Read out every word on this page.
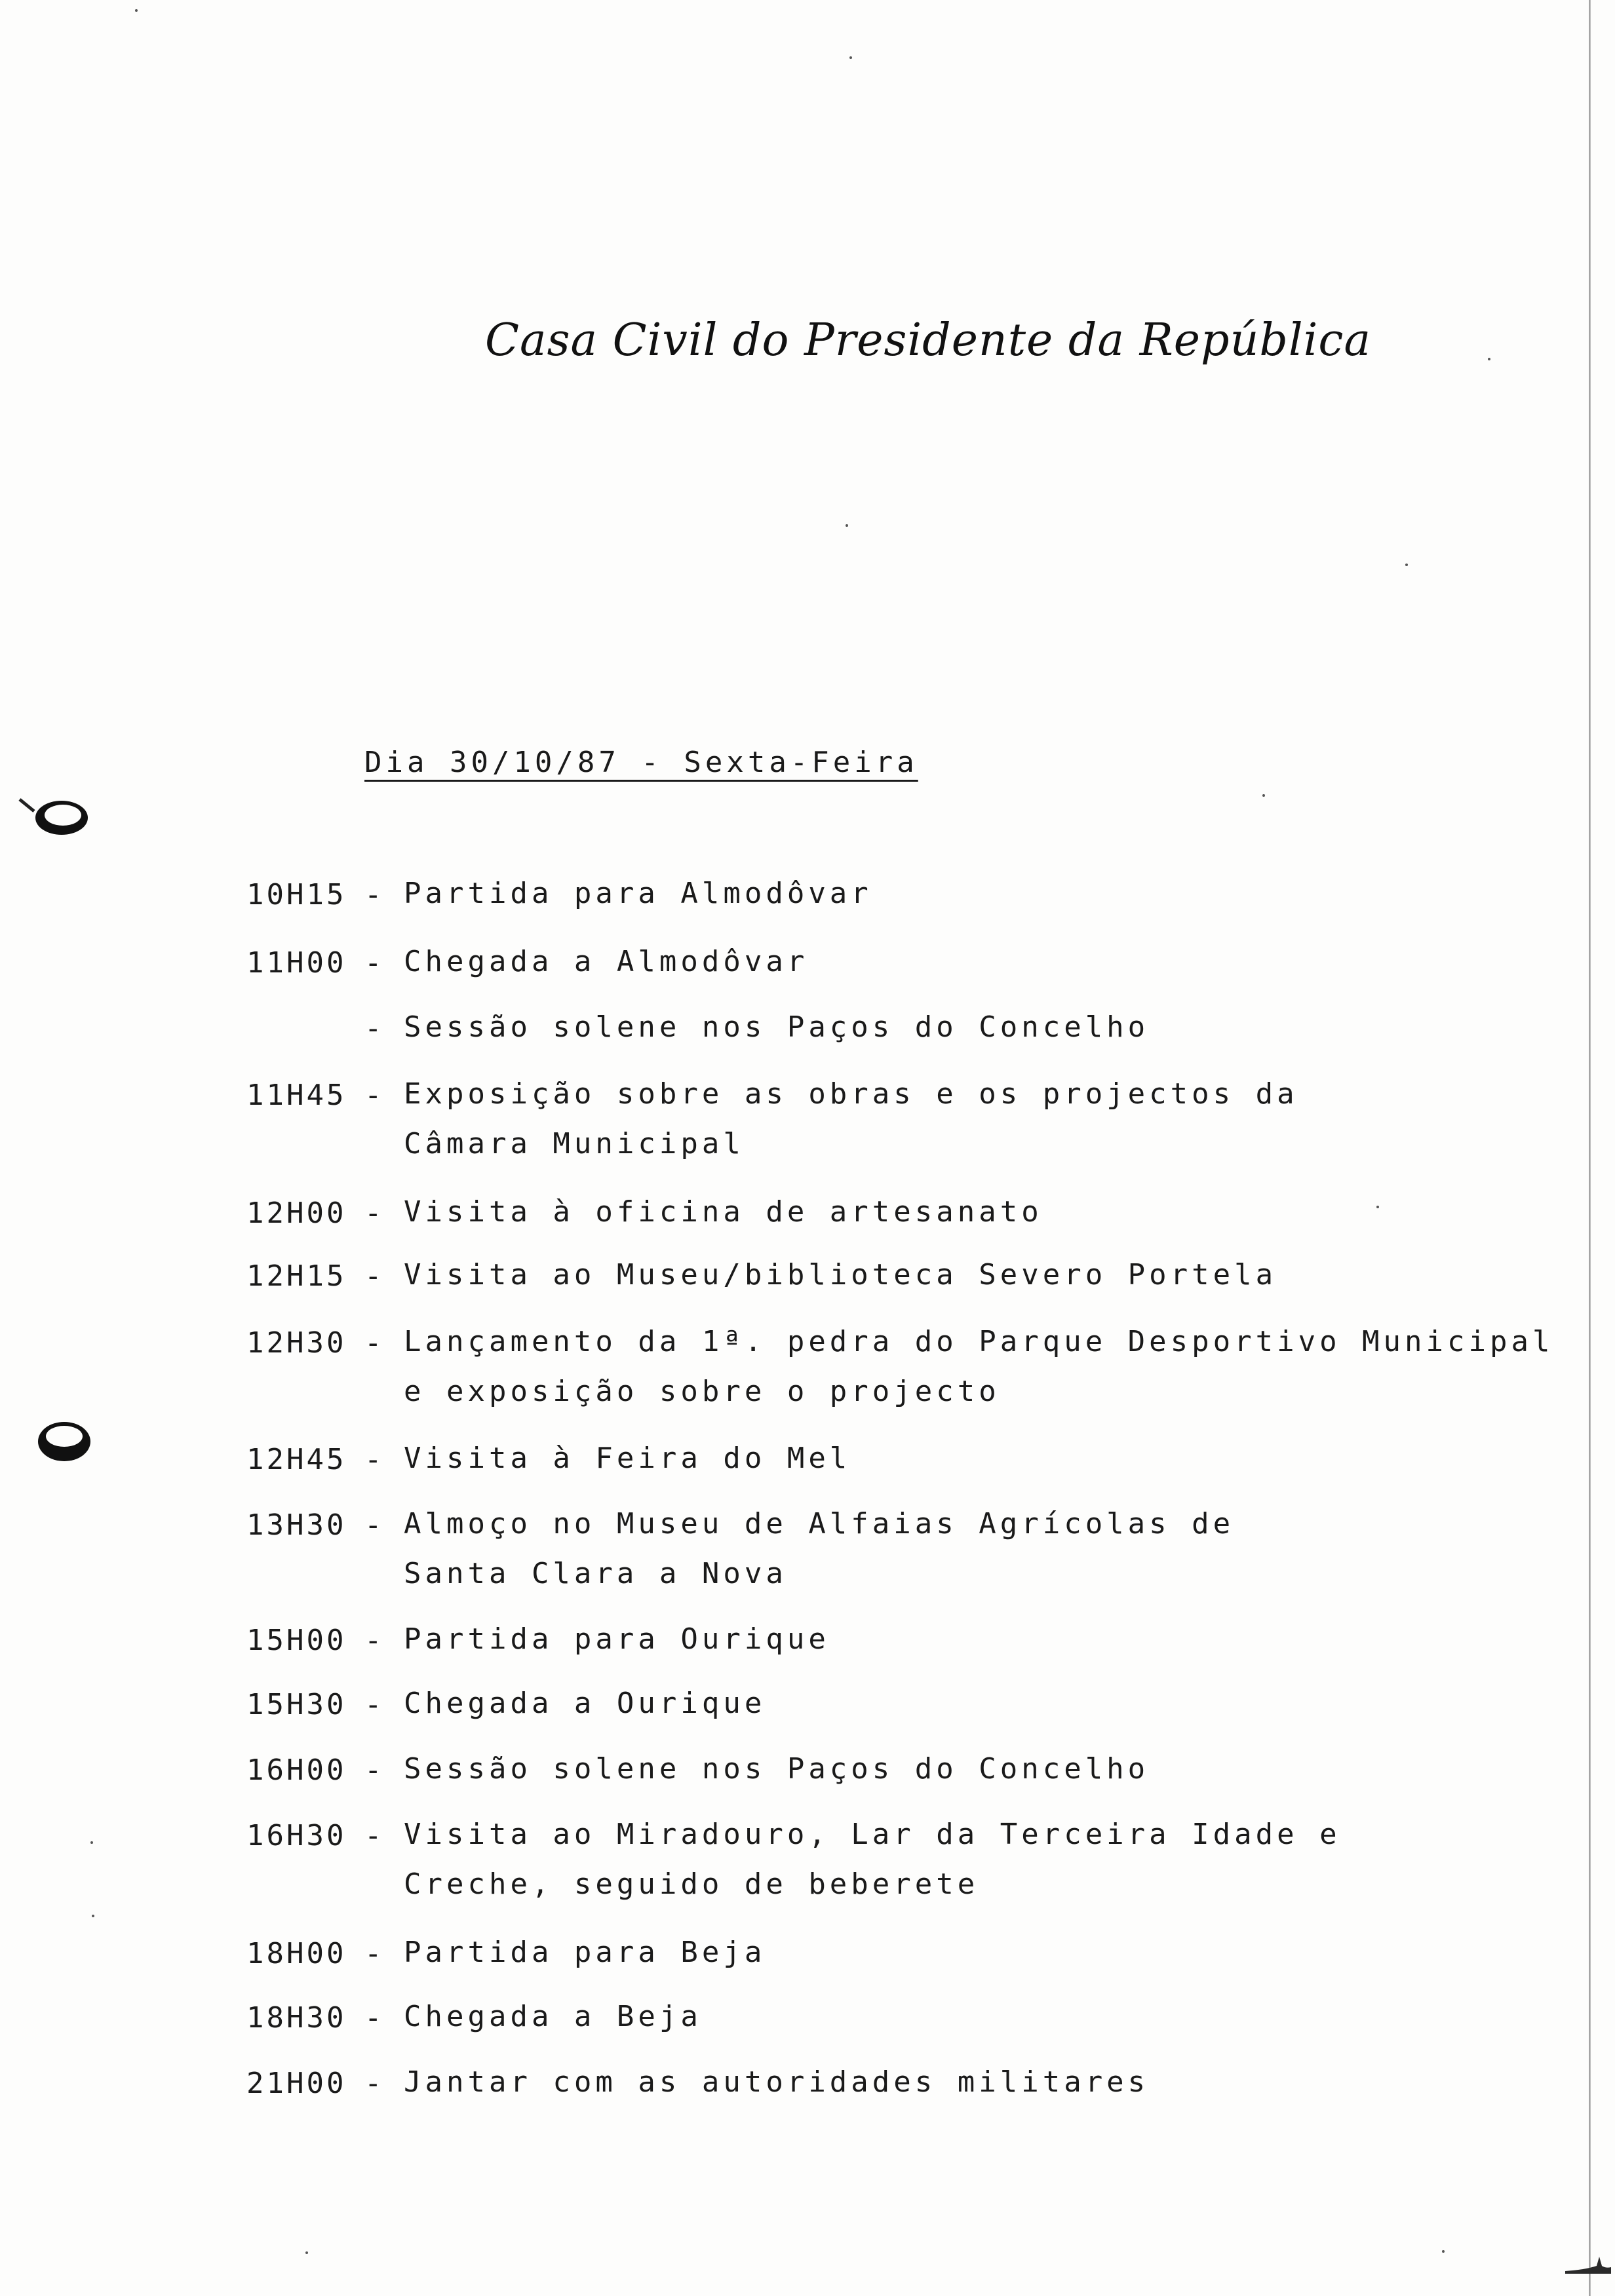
Casa Civil do Presidente da República
Dia 30/10/87 - Sexta-Feira
10H15 - Partida para Almodôvar
11H00 - Chegada a Almodôvar
- Sessão solene nos Paços do Concelho
11H45 - Exposição sobre as obras e os projectos da
Câmara Municipal
12H00 - Visita à oficina de artesanato
12H15 - Visita ao Museu/biblioteca Severo Portela
12H30 - Lançamento da 1ª. pedra do Parque Desportivo Municipal
e exposição sobre o projecto
12H45 - Visita à Feira do Mel
13H30 - Almoço no Museu de Alfaias Agrícolas de
Santa Clara a Nova
15H00 - Partida para Ourique
15H30 - Chegada a Ourique
16H00 - Sessão solene nos Paços do Concelho
16H30 - Visita ao Miradouro, Lar da Terceira Idade e
Creche, seguido de beberete
18H00 - Partida para Beja
18H30 - Chegada a Beja
21H00 - Jantar com as autoridades militares
